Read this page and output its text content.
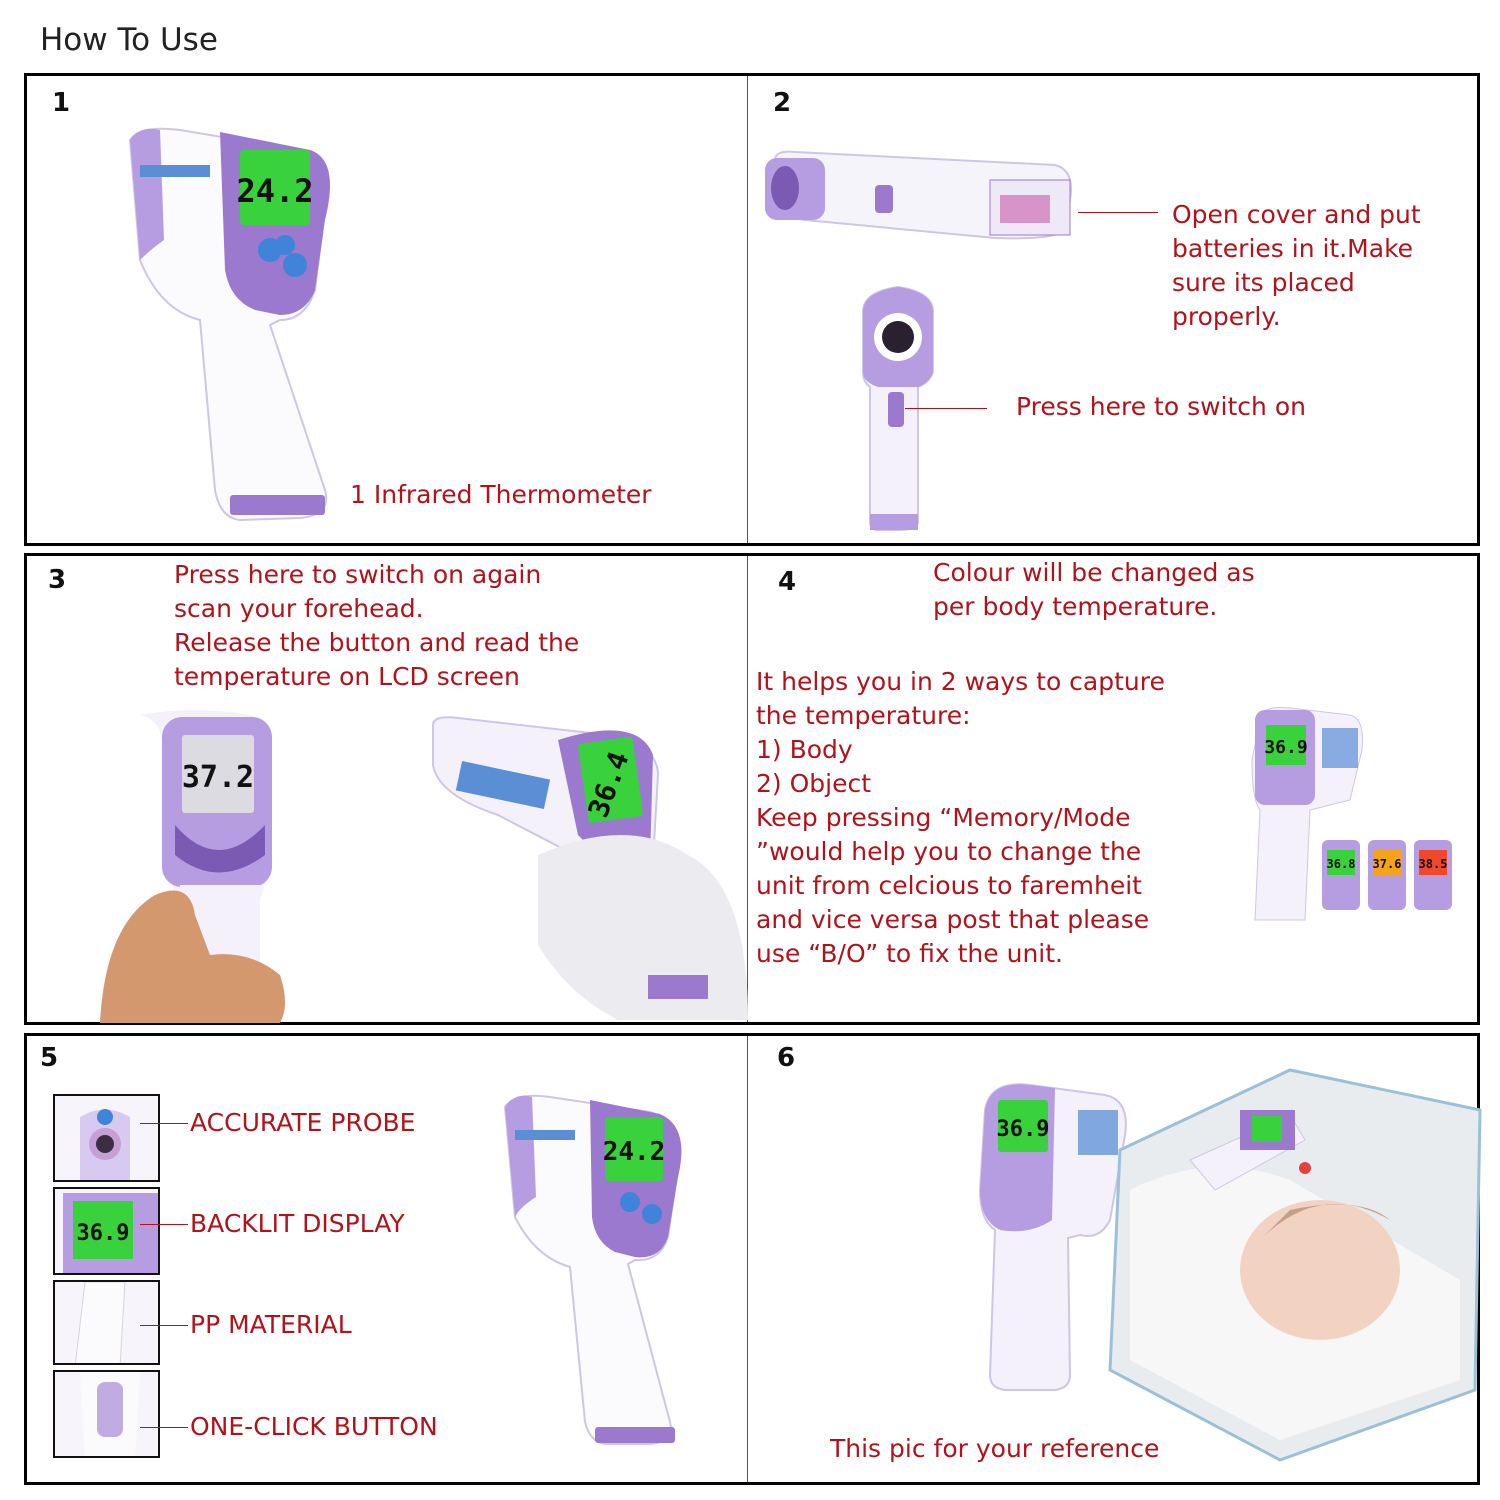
How To Use
1
24.2
1 Infrared Thermometer
2
Open cover and put
batteries in it.Make
sure its placed
properly.
Press here to switch on
3	Press here to switch on again
scan your forehead.
Release the button and read the
temperature on LCD screen
37.2	36.4
4	Colour will be changed as
per body temperature.
It helps you in 2 ways to capture
the temperature:
1) Body
2) Object
Keep pressing “Memory/Mode
”would help you to change the
unit from celcious to faremheit
and vice versa post that please
use “B/O” to fix the unit.
36.9
36.8 37.6 38.5
5
ACCURATE PROBE
36.9 BACKLIT DISPLAY
PP MATERIAL
ONE-CLICK BUTTON
24.2
6
36.9
This pic for your reference
